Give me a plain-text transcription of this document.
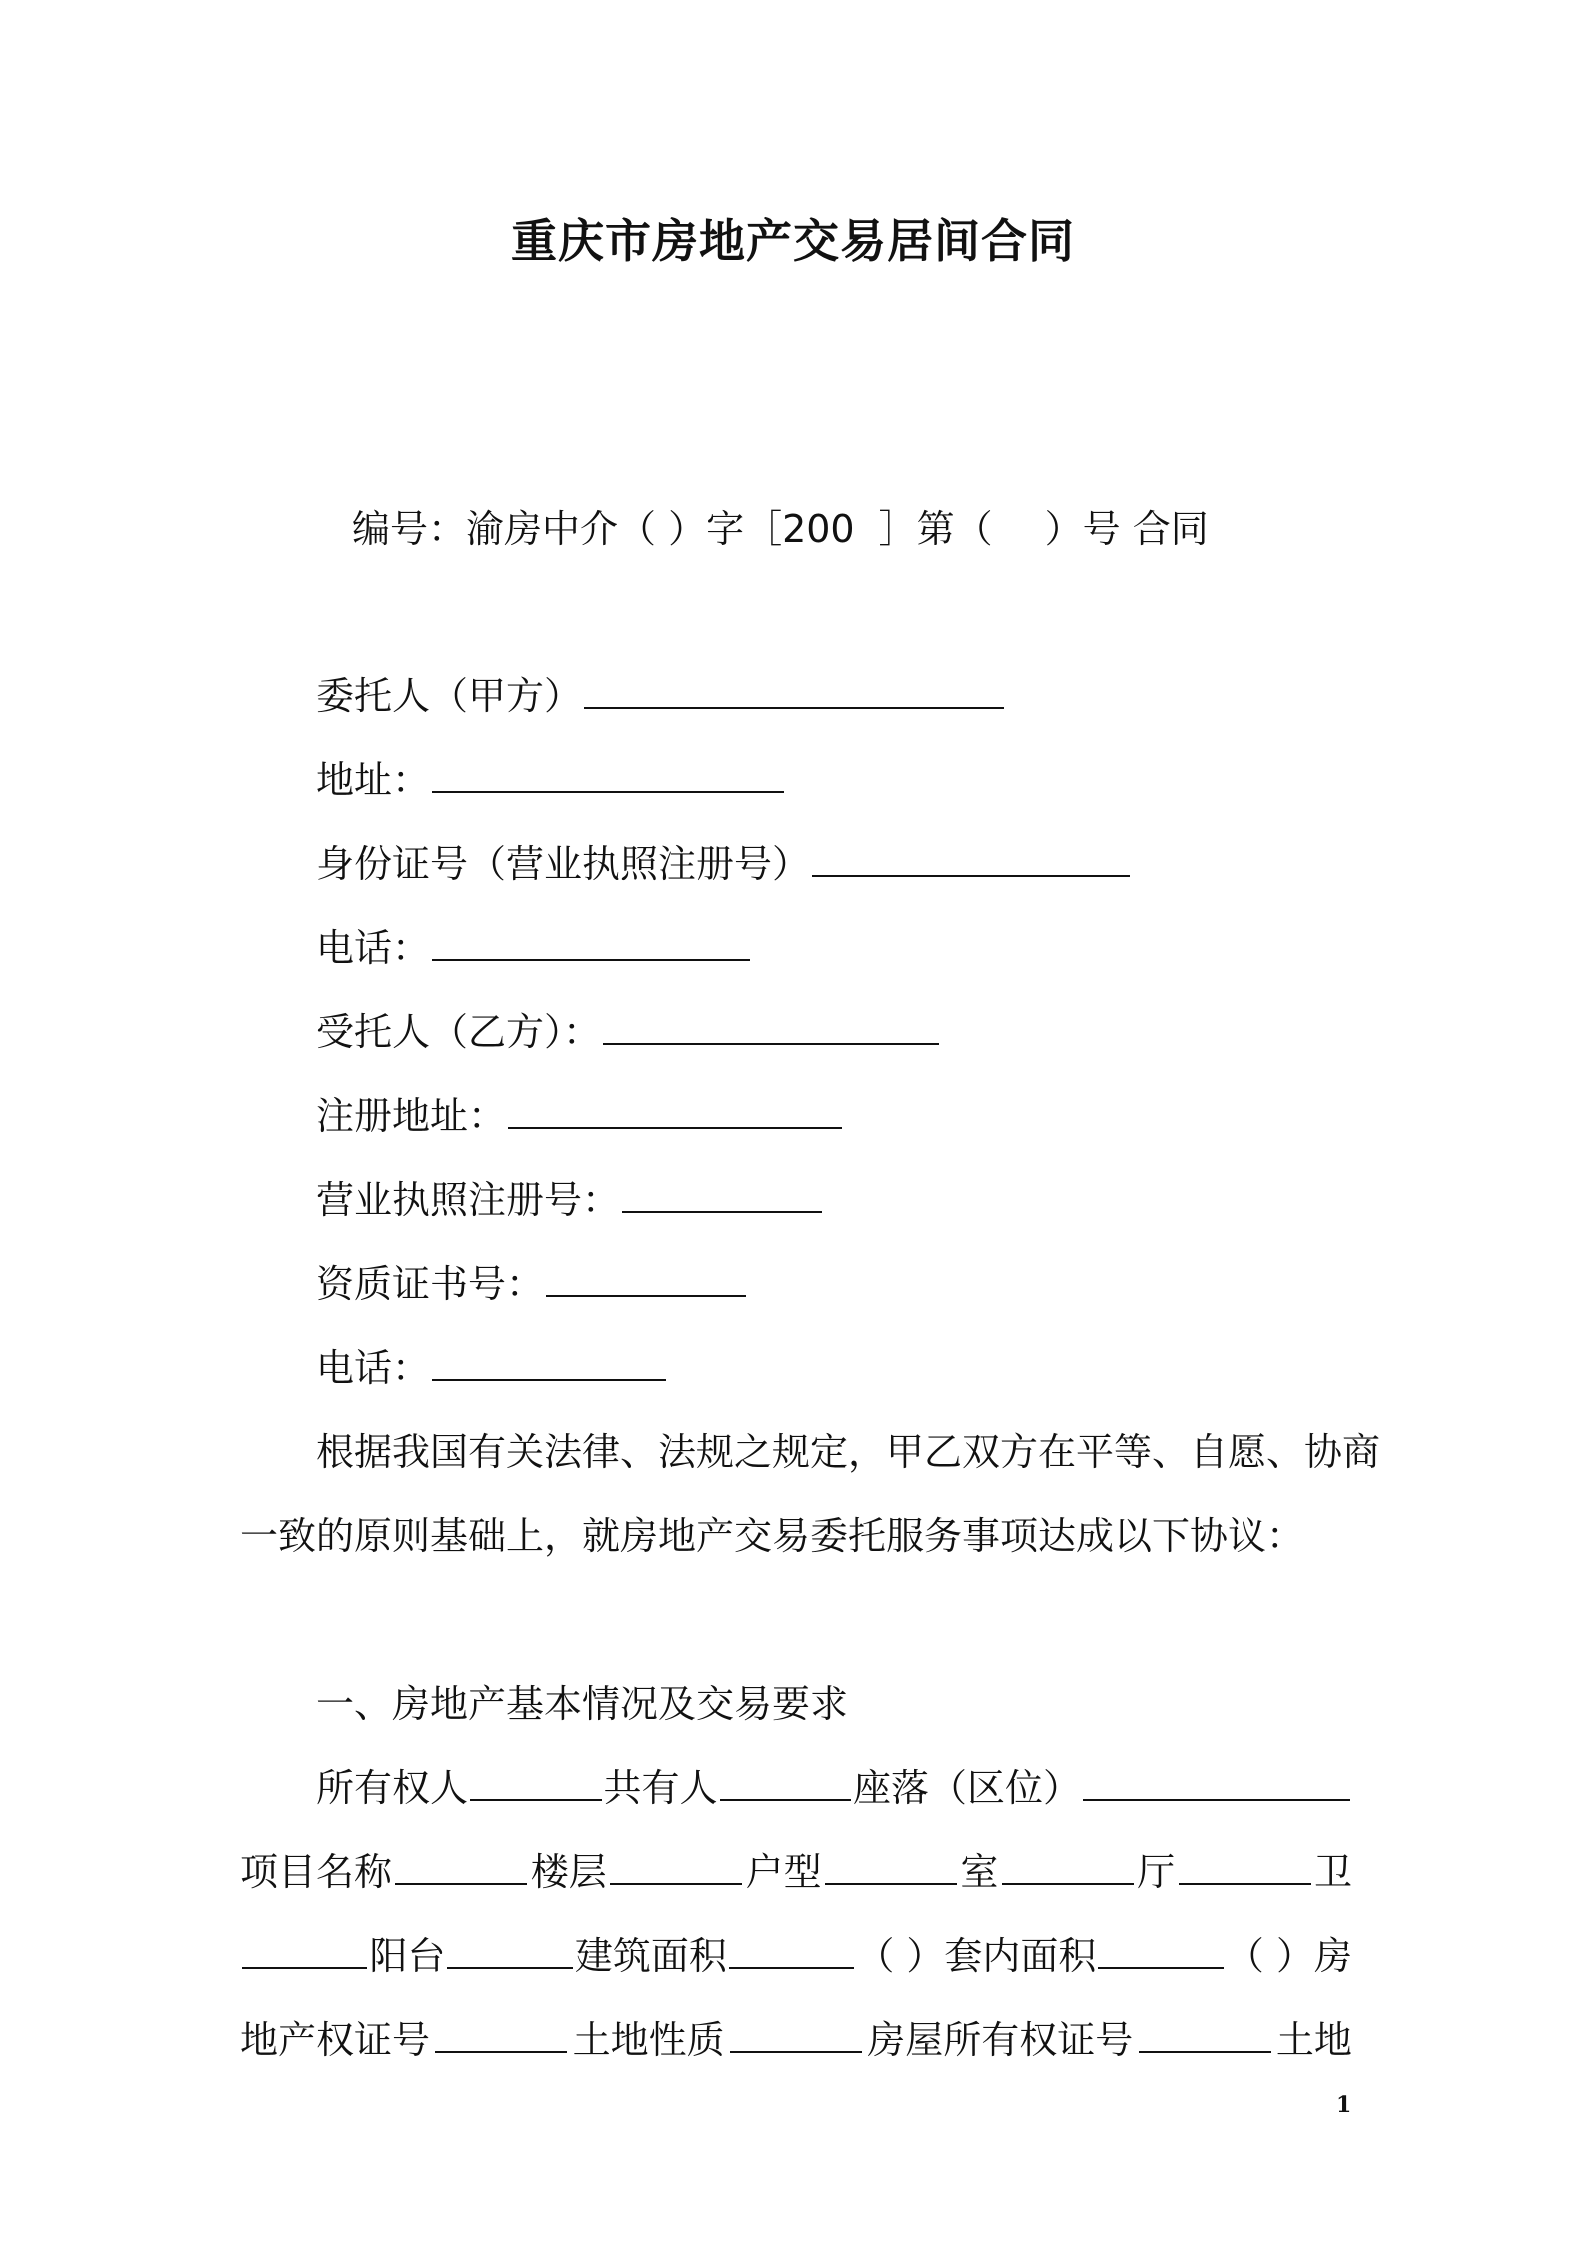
重庆市房地产交易居间合同
编号：渝房中介（ ）字［200 ］第（ ）号 合同
委托人（甲方）
地址：
身份证号（营业执照注册号）
电话：
受托人（乙方）：
注册地址：
营业执照注册号：
资质证书号：
电话：
根据我国有关法律、法规之规定，甲乙双方在平等、自愿、协商
一致的原则基础上，就房地产交易委托服务事项达成以下协议：
一、房地产基本情况及交易要求
所有权人	共有人	座落（区位）
项目名称	楼层	户型	室	厅	卫
阳台	建筑面积	（ ）套内面积	（ ） 房
地产权证号	土地性质	房屋所有权证号	土地
1
